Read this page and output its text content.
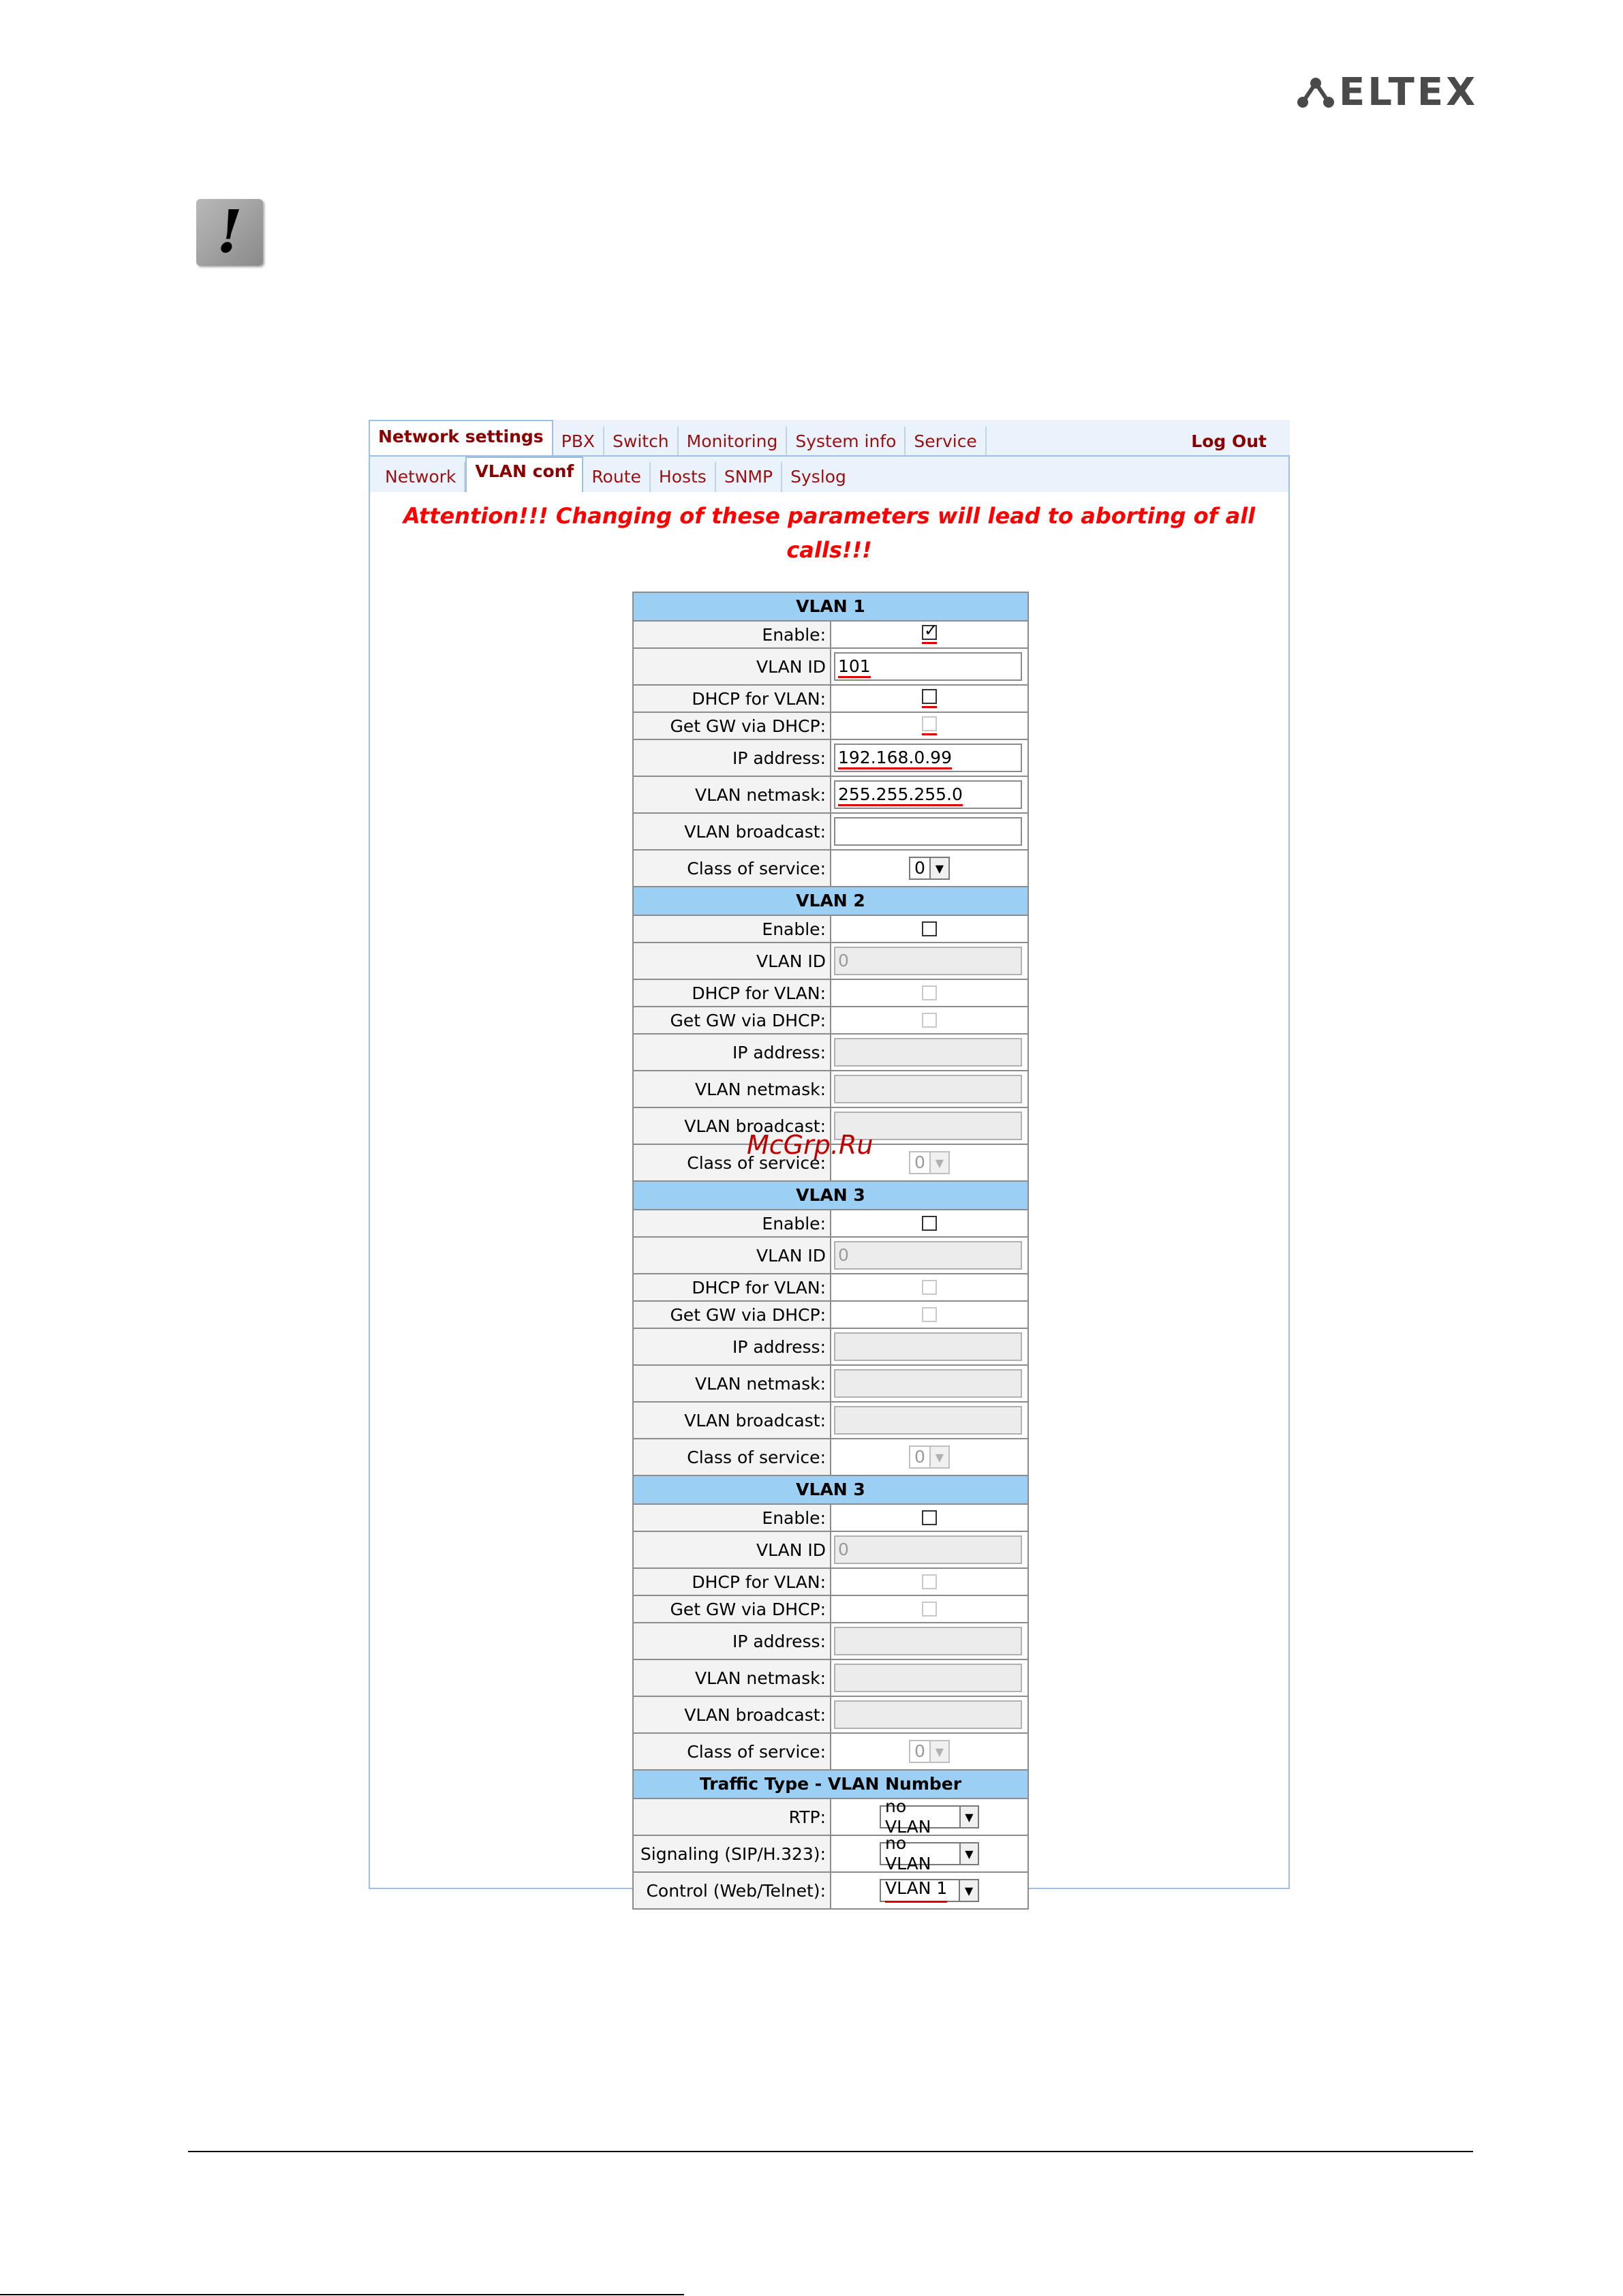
ELTEX
!
Network settings	PBX	Switch	Monitoring	System info	Service	Log Out
Network	VLAN conf	Route	Hosts	SNMP	Syslog
Attention!!! Changing of these parameters will lead to aborting of all calls!!!
VLAN 1	
Enable:	
✓

VLAN ID	101

DHCP for VLAN:	

Get GW via DHCP:	

IP address:	192.168.0.99

VLAN netmask:	255.255.255.0

VLAN broadcast:	

Class of service:	0 ▼

VLAN 2	
Enable:	

VLAN ID	0

DHCP for VLAN:	

Get GW via DHCP:	

IP address:	

VLAN netmask:	

VLAN broadcast:	

Class of service:	0 ▼

VLAN 3	
Enable:	

VLAN ID	0

DHCP for VLAN:	

Get GW via DHCP:	

IP address:	

VLAN netmask:	

VLAN broadcast:	

Class of service:	0 ▼

VLAN 3	
Enable:	

VLAN ID	0

DHCP for VLAN:	

Get GW via DHCP:	

IP address:	

VLAN netmask:	

VLAN broadcast:	

Class of service:	0 ▼

Traffic Type - VLAN Number	
RTP:	no VLAN ▼

Signaling (SIP/H.323):	no VLAN ▼

Control (Web/Telnet):	VLAN 1 ▼
McGrp.Ru
